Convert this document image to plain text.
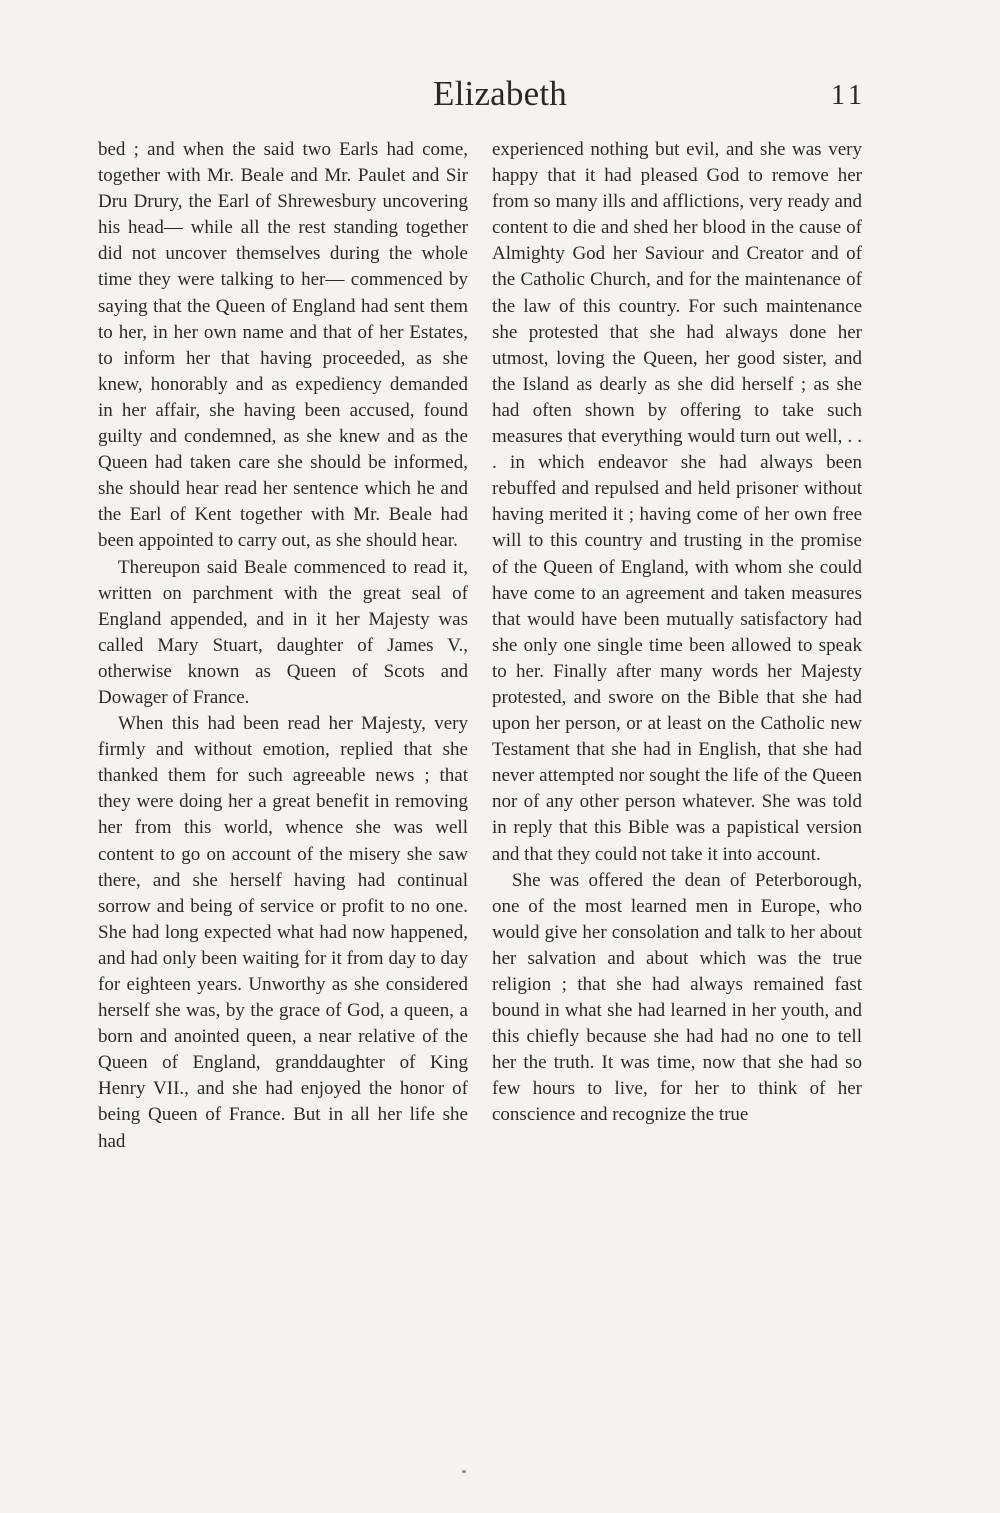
Elizabeth	11

bed ; and when the said two Earls had come, together with Mr. Beale and Mr. Paulet and Sir Dru Drury, the Earl of Shrewesbury uncovering his head— while all the rest standing together did not uncover themselves during the whole time they were talking to her— commenced by saying that the Queen of England had sent them to her, in her own name and that of her Estates, to inform her that having proceeded, as she knew, honorably and as expediency demanded in her affair, she having been accused, found guilty and condemned, as she knew and as the Queen had taken care she should be informed, she should hear read her sentence which he and the Earl of Kent together with Mr. Beale had been appointed to carry out, as she should hear.

Thereupon said Beale commenced to read it, written on parchment with the great seal of England appended, and in it her Majesty was called Mary Stuart, daughter of James V., otherwise known as Queen of Scots and Dowager of France.

When this had been read her Majesty, very firmly and without emotion, replied that she thanked them for such agreeable news ; that they were doing her a great benefit in removing her from this world, whence she was well content to go on account of the misery she saw there, and she herself having had continual sorrow and being of service or profit to no one. She had long expected what had now happened, and had only been waiting for it from day to day for eighteen years. Unworthy as she considered herself she was, by the grace of God, a queen, a born and anointed queen, a near relative of the Queen of England, granddaughter of King Henry VII., and she had enjoyed the honor of being Queen of France. But in all her life she had

experienced nothing but evil, and she was very happy that it had pleased God to remove her from so many ills and afflictions, very ready and content to die and shed her blood in the cause of Almighty God her Saviour and Creator and of the Catholic Church, and for the maintenance of the law of this country. For such maintenance she protested that she had always done her utmost, loving the Queen, her good sister, and the Island as dearly as she did herself ; as she had often shown by offering to take such measures that everything would turn out well, . . . in which endeavor she had always been rebuffed and repulsed and held prisoner without having merited it ; having come of her own free will to this country and trusting in the promise of the Queen of England, with whom she could have come to an agreement and taken measures that would have been mutually satisfactory had she only one single time been allowed to speak to her. Finally after many words her Majesty protested, and swore on the Bible that she had upon her person, or at least on the Catholic new Testament that she had in English, that she had never attempted nor sought the life of the Queen nor of any other person whatever. She was told in reply that this Bible was a papistical version and that they could not take it into account.

She was offered the dean of Peterborough, one of the most learned men in Europe, who would give her consolation and talk to her about her salvation and about which was the true religion ; that she had always remained fast bound in what she had learned in her youth, and this chiefly because she had had no one to tell her the truth. It was time, now that she had so few hours to live, for her to think of her conscience and recognize the true
